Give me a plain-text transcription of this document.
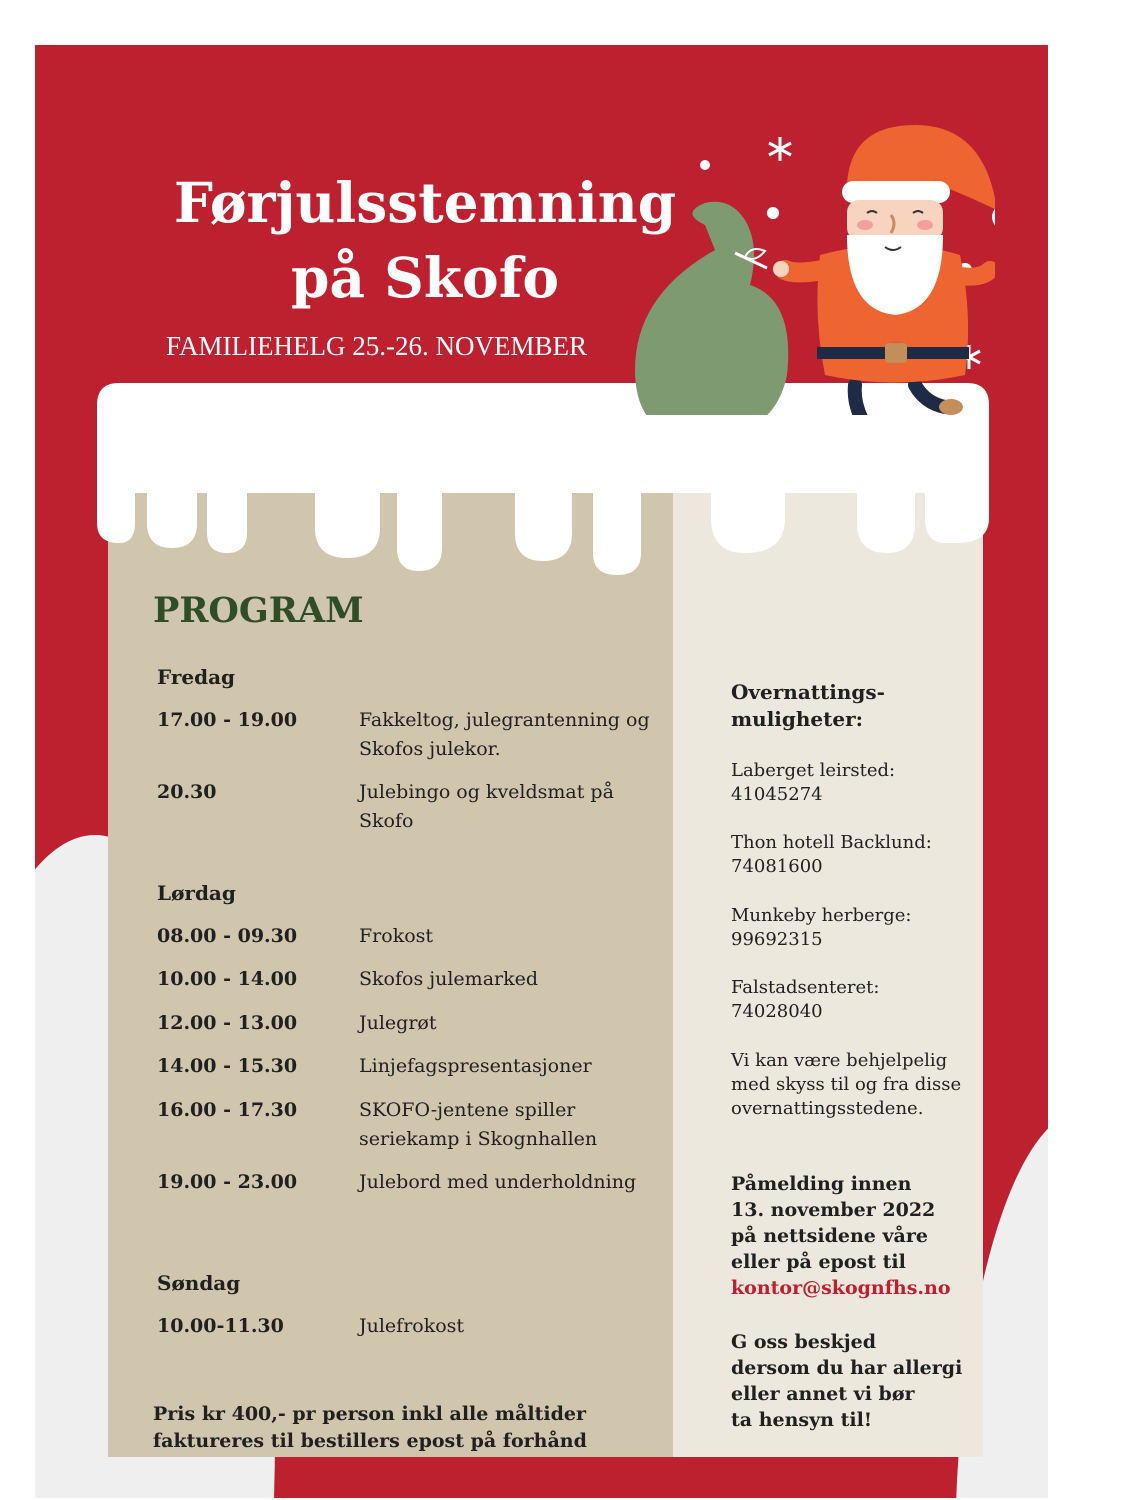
Førjulsstemning
på Skofo
FAMILIEHELG 25.-26. NOVEMBER
PROGRAM
Fredag
17.00 - 19.00	Fakkeltog, julegrantenning og Skofos julekor.
20.30	Julebingo og kveldsmat på Skofo
Lørdag
08.00 - 09.30	Frokost
10.00 - 14.00	Skofos julemarked
12.00 - 13.00	Julegrøt
14.00 - 15.30	Linjefagspresentasjoner
16.00 - 17.30	SKOFO-jentene spiller seriekamp i Skognhallen
19.00 - 23.00	Julebord med underholdning
Søndag
10.00-11.30	Julefrokost
Pris kr 400,- pr person inkl alle måltider
faktureres til bestillers epost på forhånd
Overnattings-
muligheter:
Laberget leirsted:
41045274
Thon hotell Backlund:
74081600
Munkeby herberge:
99692315
Falstadsenteret:
74028040
Vi kan være behjelpelig
med skyss til og fra disse
overnattingsstedene.
Påmelding innen
13. november 2022
på nettsidene våre
eller på epost til
kontor@skognfhs.no
G oss beskjed
dersom du har allergi
eller annet vi bør
ta hensyn til!
